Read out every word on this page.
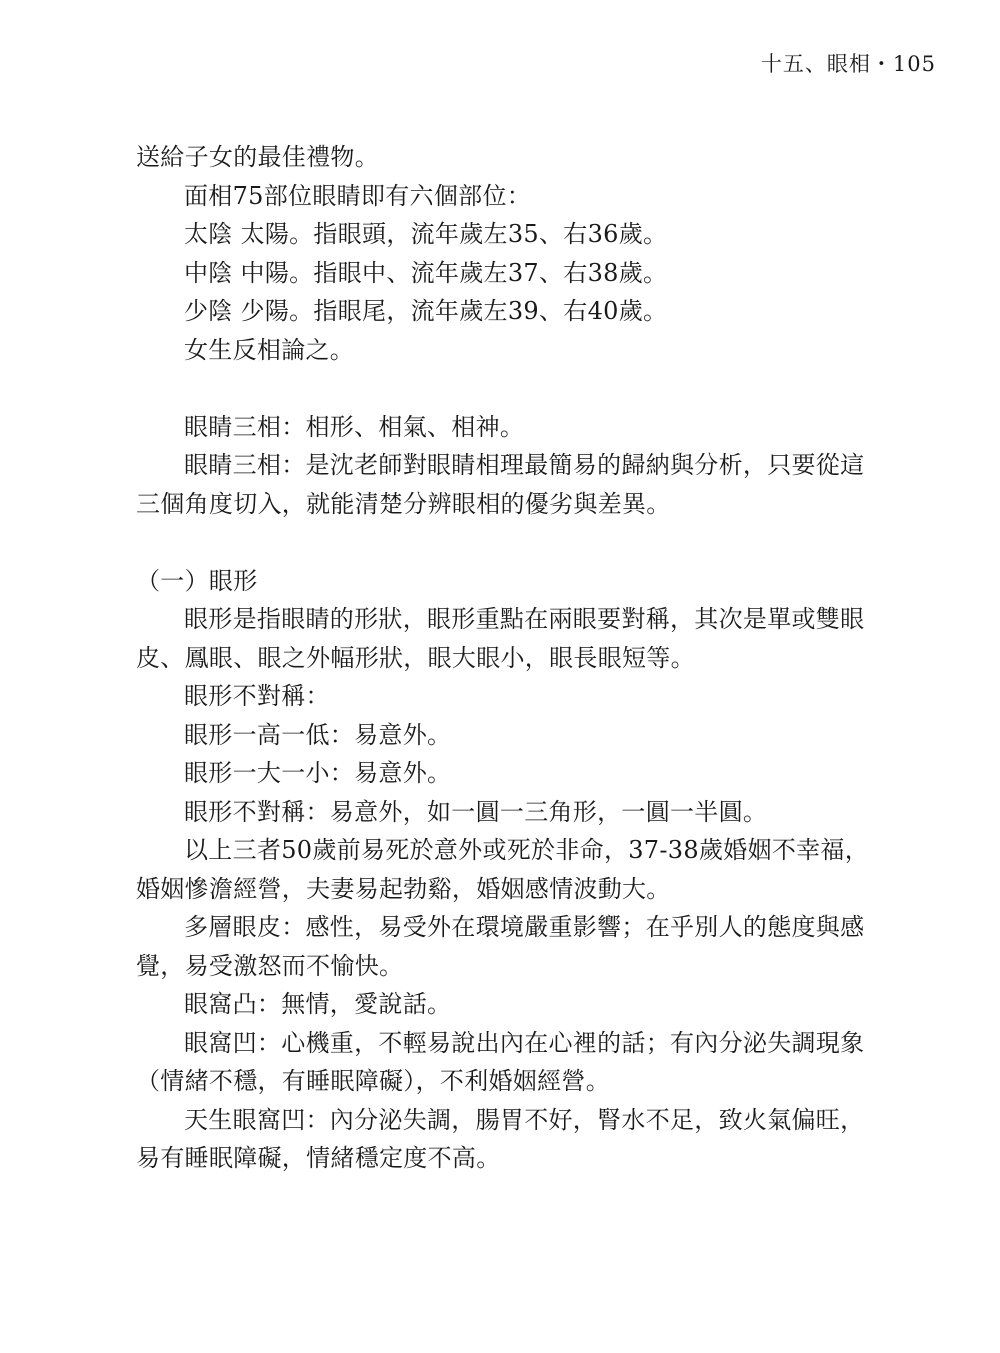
十五、眼相・105
送給子女的最佳禮物。
面相75部位眼睛即有六個部位：
太陰 太陽。指眼頭，流年歲左35、右36歲。
中陰 中陽。指眼中、流年歲左37、右38歲。
少陰 少陽。指眼尾，流年歲左39、右40歲。
女生反相論之。
眼睛三相：相形、相氣、相神。
眼睛三相：是沈老師對眼睛相理最簡易的歸納與分析，只要從這
三個角度切入，就能清楚分辨眼相的優劣與差異。
（一）眼形
眼形是指眼睛的形狀，眼形重點在兩眼要對稱，其次是單或雙眼
皮、鳳眼、眼之外幅形狀，眼大眼小，眼長眼短等。
眼形不對稱：
眼形一高一低：易意外。
眼形一大一小：易意外。
眼形不對稱：易意外，如一圓一三角形，一圓一半圓。
以上三者50歲前易死於意外或死於非命，37-38歲婚姻不幸福，
婚姻慘澹經營，夫妻易起勃谿，婚姻感情波動大。
多層眼皮：感性，易受外在環境嚴重影響；在乎別人的態度與感
覺，易受激怒而不愉快。
眼窩凸：無情，愛說話。
眼窩凹：心機重，不輕易說出內在心裡的話；有內分泌失調現象
（情緒不穩，有睡眠障礙），不利婚姻經營。
天生眼窩凹：內分泌失調，腸胃不好，腎水不足，致火氣偏旺，
易有睡眠障礙，情緒穩定度不高。
